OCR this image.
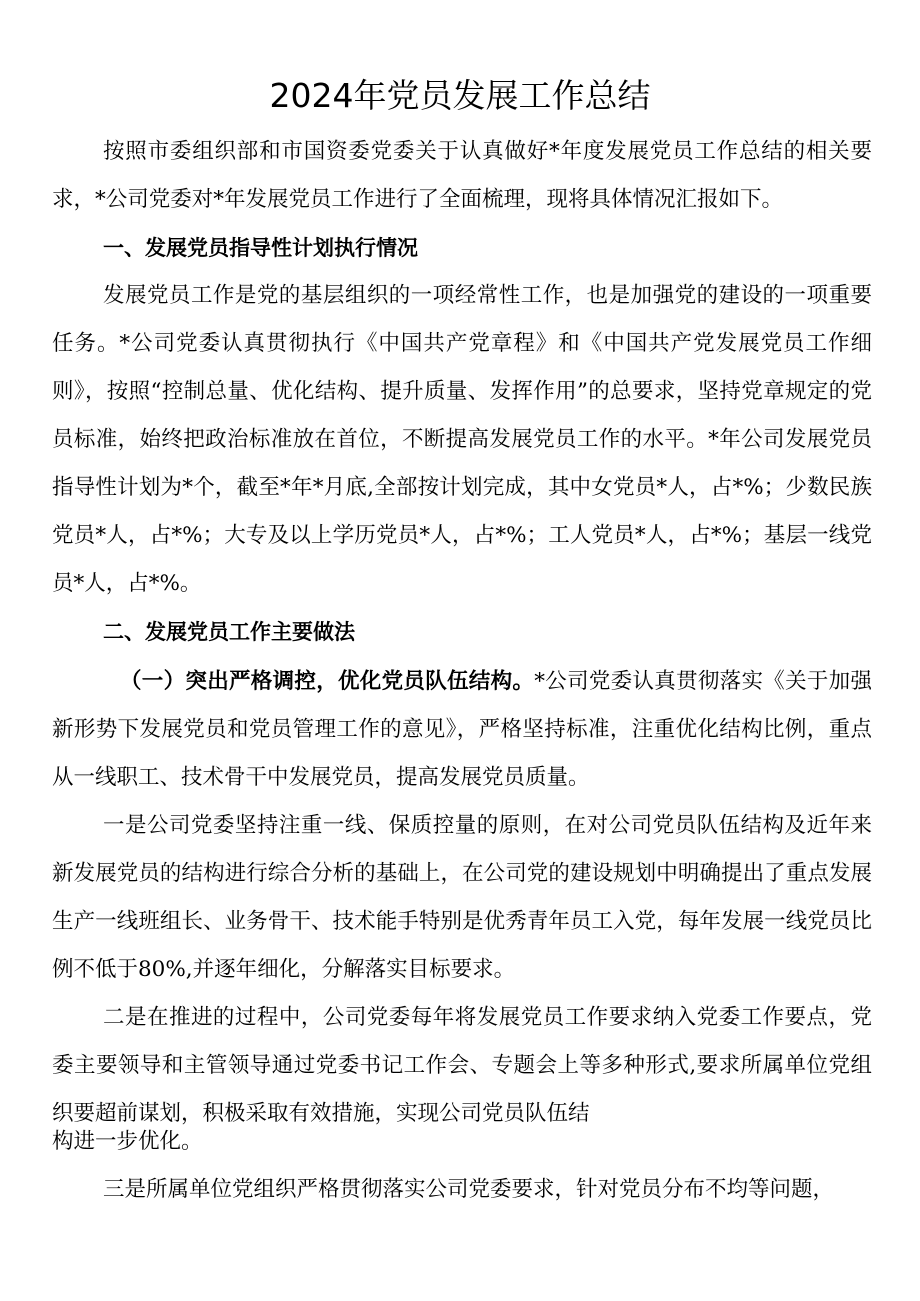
2024年党员发展工作总结
按照市委组织部和市国资委党委关于认真做好*年度发展党员工作总结的相关要求，*公司党委对*年发展党员工作进行了全面梳理，现将具体情况汇报如下。
一、发展党员指导性计划执行情况
发展党员工作是党的基层组织的一项经常性工作，也是加强党的建设的一项重要任务。*公司党委认真贯彻执行《中国共产党章程》和《中国共产党发展党员工作细则》，按照“控制总量、优化结构、提升质量、发挥作用”的总要求，坚持党章规定的党员标准，始终把政治标准放在首位，不断提高发展党员工作的水平。*年公司发展党员指导性计划为*个，截至*年*月底,全部按计划完成，其中女党员*人，占*%；少数民族党员*人，占*%；大专及以上学历党员*人，占*%；工人党员*人，占*%；基层一线党员*人，占*%。
二、发展党员工作主要做法
（一）突出严格调控，优化党员队伍结构。*公司党委认真贯彻落实《关于加强新形势下发展党员和党员管理工作的意见》，严格坚持标准，注重优化结构比例，重点从一线职工、技术骨干中发展党员，提高发展党员质量。
一是公司党委坚持注重一线、保质控量的原则，在对公司党员队伍结构及近年来新发展党员的结构进行综合分析的基础上，在公司党的建设规划中明确提出了重点发展生产一线班组长、业务骨干、技术能手特别是优秀青年员工入党，每年发展一线党员比例不低于80%,并逐年细化，分解落实目标要求。
二是在推进的过程中，公司党委每年将发展党员工作要求纳入党委工作要点，党委主要领导和主管领导通过党委书记工作会、专题会上等多种形式,要求所属单位党组织要超前谋划，积极采取有效措施，实现公司党员队伍结
构进一步优化。
三是所属单位党组织严格贯彻落实公司党委要求，针对党员分布不均等问题，
